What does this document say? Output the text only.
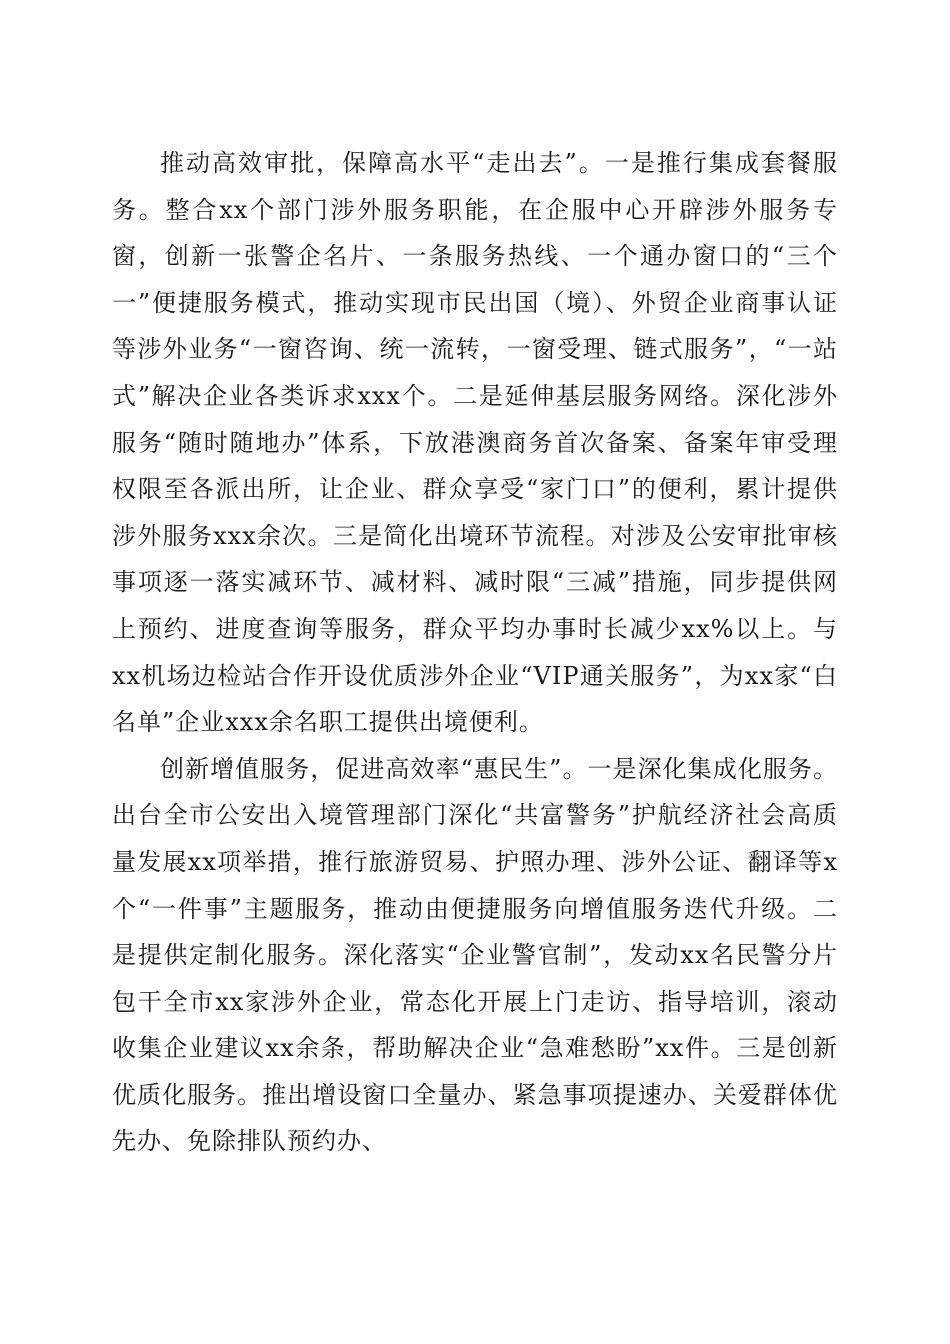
推动高效审批，保障高水平“走出去”。一是推行集成套餐服务。整合xx个部门涉外服务职能，在企服中心开辟涉外服务专窗，创新一张警企名片、一条服务热线、一个通办窗口的“三个一”便捷服务模式，推动实现市民出国（境）、外贸企业商事认证等涉外业务“一窗咨询、统一流转，一窗受理、链式服务”，“一站式”解决企业各类诉求xxx个。二是延伸基层服务网络。深化涉外服务“随时随地办”体系，下放港澳商务首次备案、备案年审受理权限至各派出所，让企业、群众享受“家门口”的便利，累计提供涉外服务xxx余次。三是简化出境环节流程。对涉及公安审批审核事项逐一落实减环节、减材料、减时限“三减”措施，同步提供网上预约、进度查询等服务，群众平均办事时长减少xx%以上。与xx机场边检站合作开设优质涉外企业“VIP通关服务”，为xx家“白名单”企业xxx余名职工提供出境便利。

创新增值服务，促进高效率“惠民生”。一是深化集成化服务。出台全市公安出入境管理部门深化“共富警务”护航经济社会高质量发展xx项举措，推行旅游贸易、护照办理、涉外公证、翻译等x个“一件事”主题服务，推动由便捷服务向增值服务迭代升级。二是提供定制化服务。深化落实“企业警官制”，发动xx名民警分片包干全市xx家涉外企业，常态化开展上门走访、指导培训，滚动收集企业建议xx余条，帮助解决企业“急难愁盼”xx件。三是创新优质化服务。推出增设窗口全量办、紧急事项提速办、关爱群体优先办、免除排队预约办、
